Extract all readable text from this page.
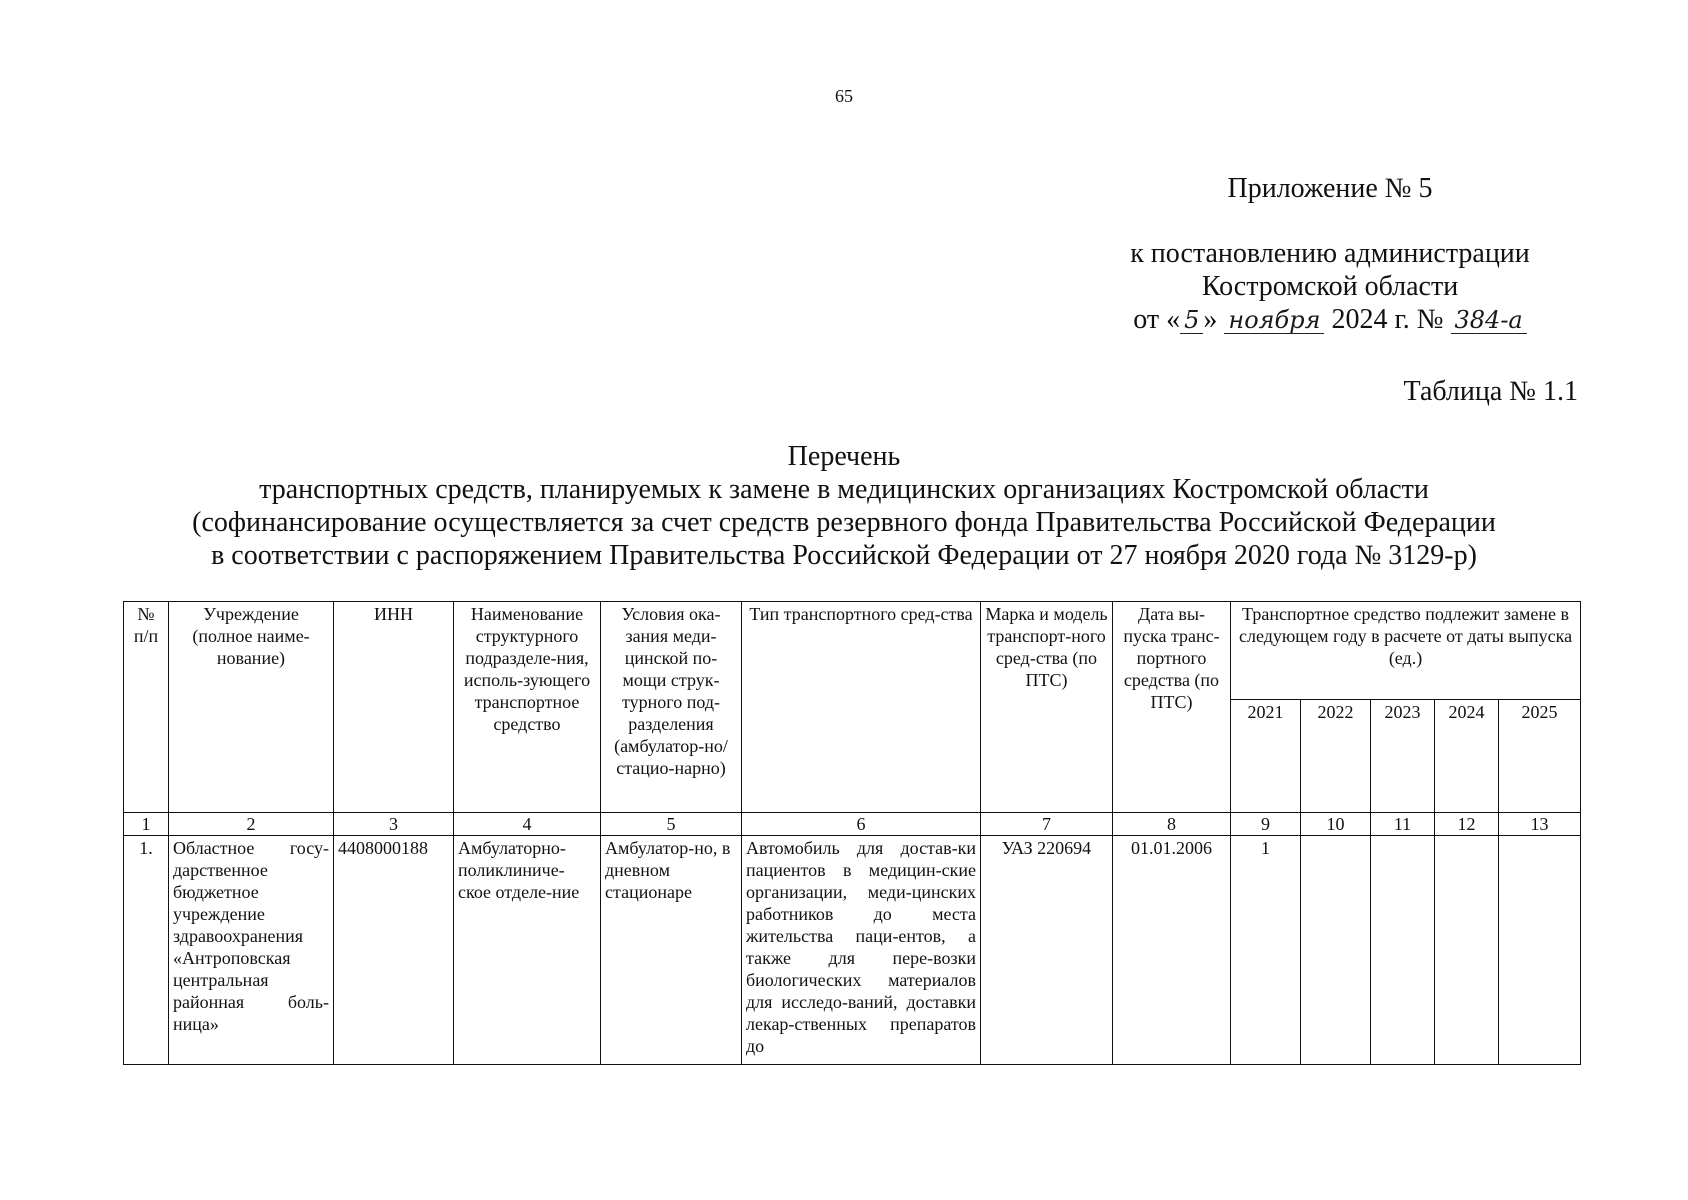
65
Приложение № 5
к постановлению администрации
Костромской области
от « 5 » ноября 2024 г. № 384-а
Таблица № 1.1
Перечень
транспортных средств, планируемых к замене в медицинских организациях Костромской области
(софинансирование осуществляется за счет средств резервного фонда Правительства Российской Федерации
в соответствии с распоряжением Правительства Российской Федерации от 27 ноября 2020 года № 3129-р)
№ п/п	Учреждение (полное наиме-нование)	ИНН	Наименование структурного подразделе-ния, исполь-зующего транспортное средство	Условия ока-зания меди-цинской по-мощи струк-турного под-разделения (амбулатор-но/стацио-нарно)	Тип транспортного сред-ства	Марка и модель транспорт-ного сред-ства (по ПТС)	Дата вы-пуска транс-портного средства (по ПТС)	Транспортное средство подлежит замене в следующем году в расчете от даты выпуска (ед.)				
								2021	2022	2023	2024	2025
1	2	3	4	5	6	7	8	9	10	11	12	13
1.	Областное госу-дарственное бюджетное учреждение здравоохранения «Антроповская центральная районная боль-ница»	4408000188	Амбулаторно-поликлиниче-ское отделе-ние	Амбулатор-но, в дневном стационаре	Автомобиль для достав-ки пациентов в медицин-ские организации, меди-цинских работников до места жительства паци-ентов, а также для пере-возки биологических материалов для исследо-ваний, доставки лекар-ственных препаратов до	УАЗ 220694	01.01.2006	1				
